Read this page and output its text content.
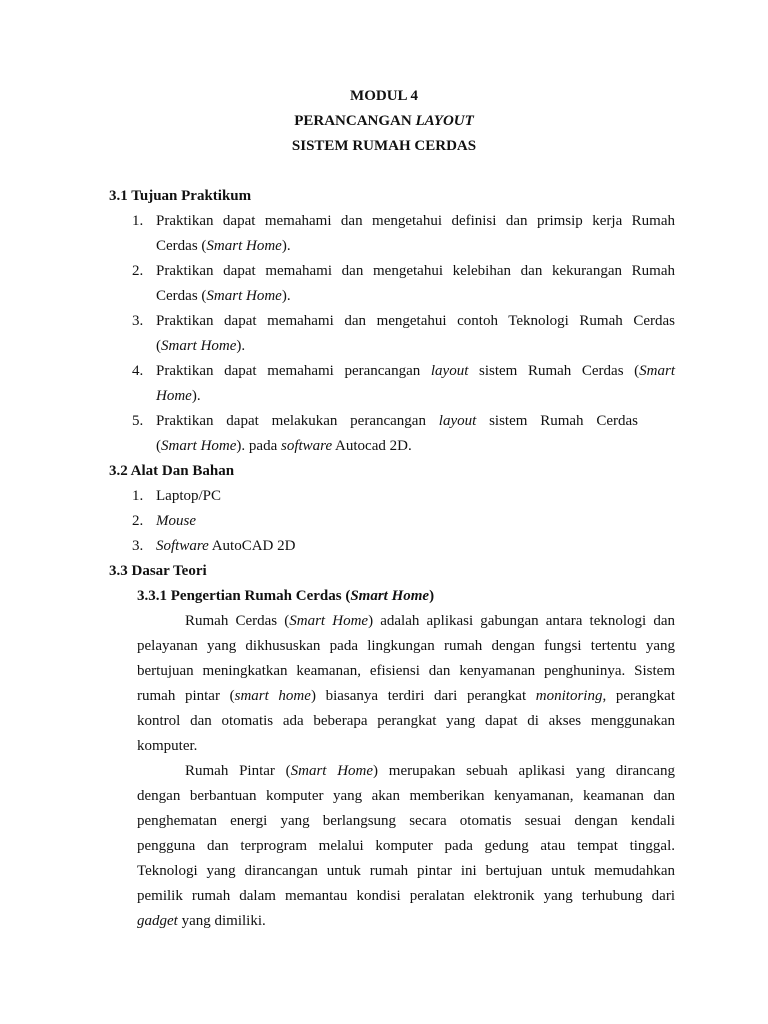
MODUL 4
PERANCANGAN LAYOUT
SISTEM RUMAH CERDAS
3.1 Tujuan Praktikum
1. Praktikan dapat memahami dan mengetahui definisi dan primsip kerja Rumah
Cerdas (Smart Home).
2. Praktikan dapat memahami dan mengetahui kelebihan dan kekurangan Rumah
Cerdas (Smart Home).
3. Praktikan dapat memahami dan mengetahui contoh Teknologi Rumah Cerdas
(Smart Home).
4. Praktikan dapat memahami perancangan layout sistem Rumah Cerdas (Smart
Home).
5. Praktikan dapat melakukan perancangan layout sistem Rumah Cerdas
(Smart Home). pada software Autocad 2D.
3.2 Alat Dan Bahan
1. Laptop/PC
2. Mouse
3. Software AutoCAD 2D
3.3 Dasar Teori
3.3.1 Pengertian Rumah Cerdas (Smart Home)
Rumah Cerdas (Smart Home) adalah aplikasi gabungan antara teknologi dan
pelayanan yang dikhususkan pada lingkungan rumah dengan fungsi tertentu yang
bertujuan meningkatkan keamanan, efisiensi dan kenyamanan penghuninya. Sistem
rumah pintar (smart home) biasanya terdiri dari perangkat monitoring, perangkat
kontrol dan otomatis ada beberapa perangkat yang dapat di akses menggunakan
komputer.
Rumah Pintar (Smart Home) merupakan sebuah aplikasi yang dirancang
dengan berbantuan komputer yang akan memberikan kenyamanan, keamanan dan
penghematan energi yang berlangsung secara otomatis sesuai dengan kendali
pengguna dan terprogram melalui komputer pada gedung atau tempat tinggal.
Teknologi yang dirancangan untuk rumah pintar ini bertujuan untuk memudahkan
pemilik rumah dalam memantau kondisi peralatan elektronik yang terhubung dari
gadget yang dimiliki.
